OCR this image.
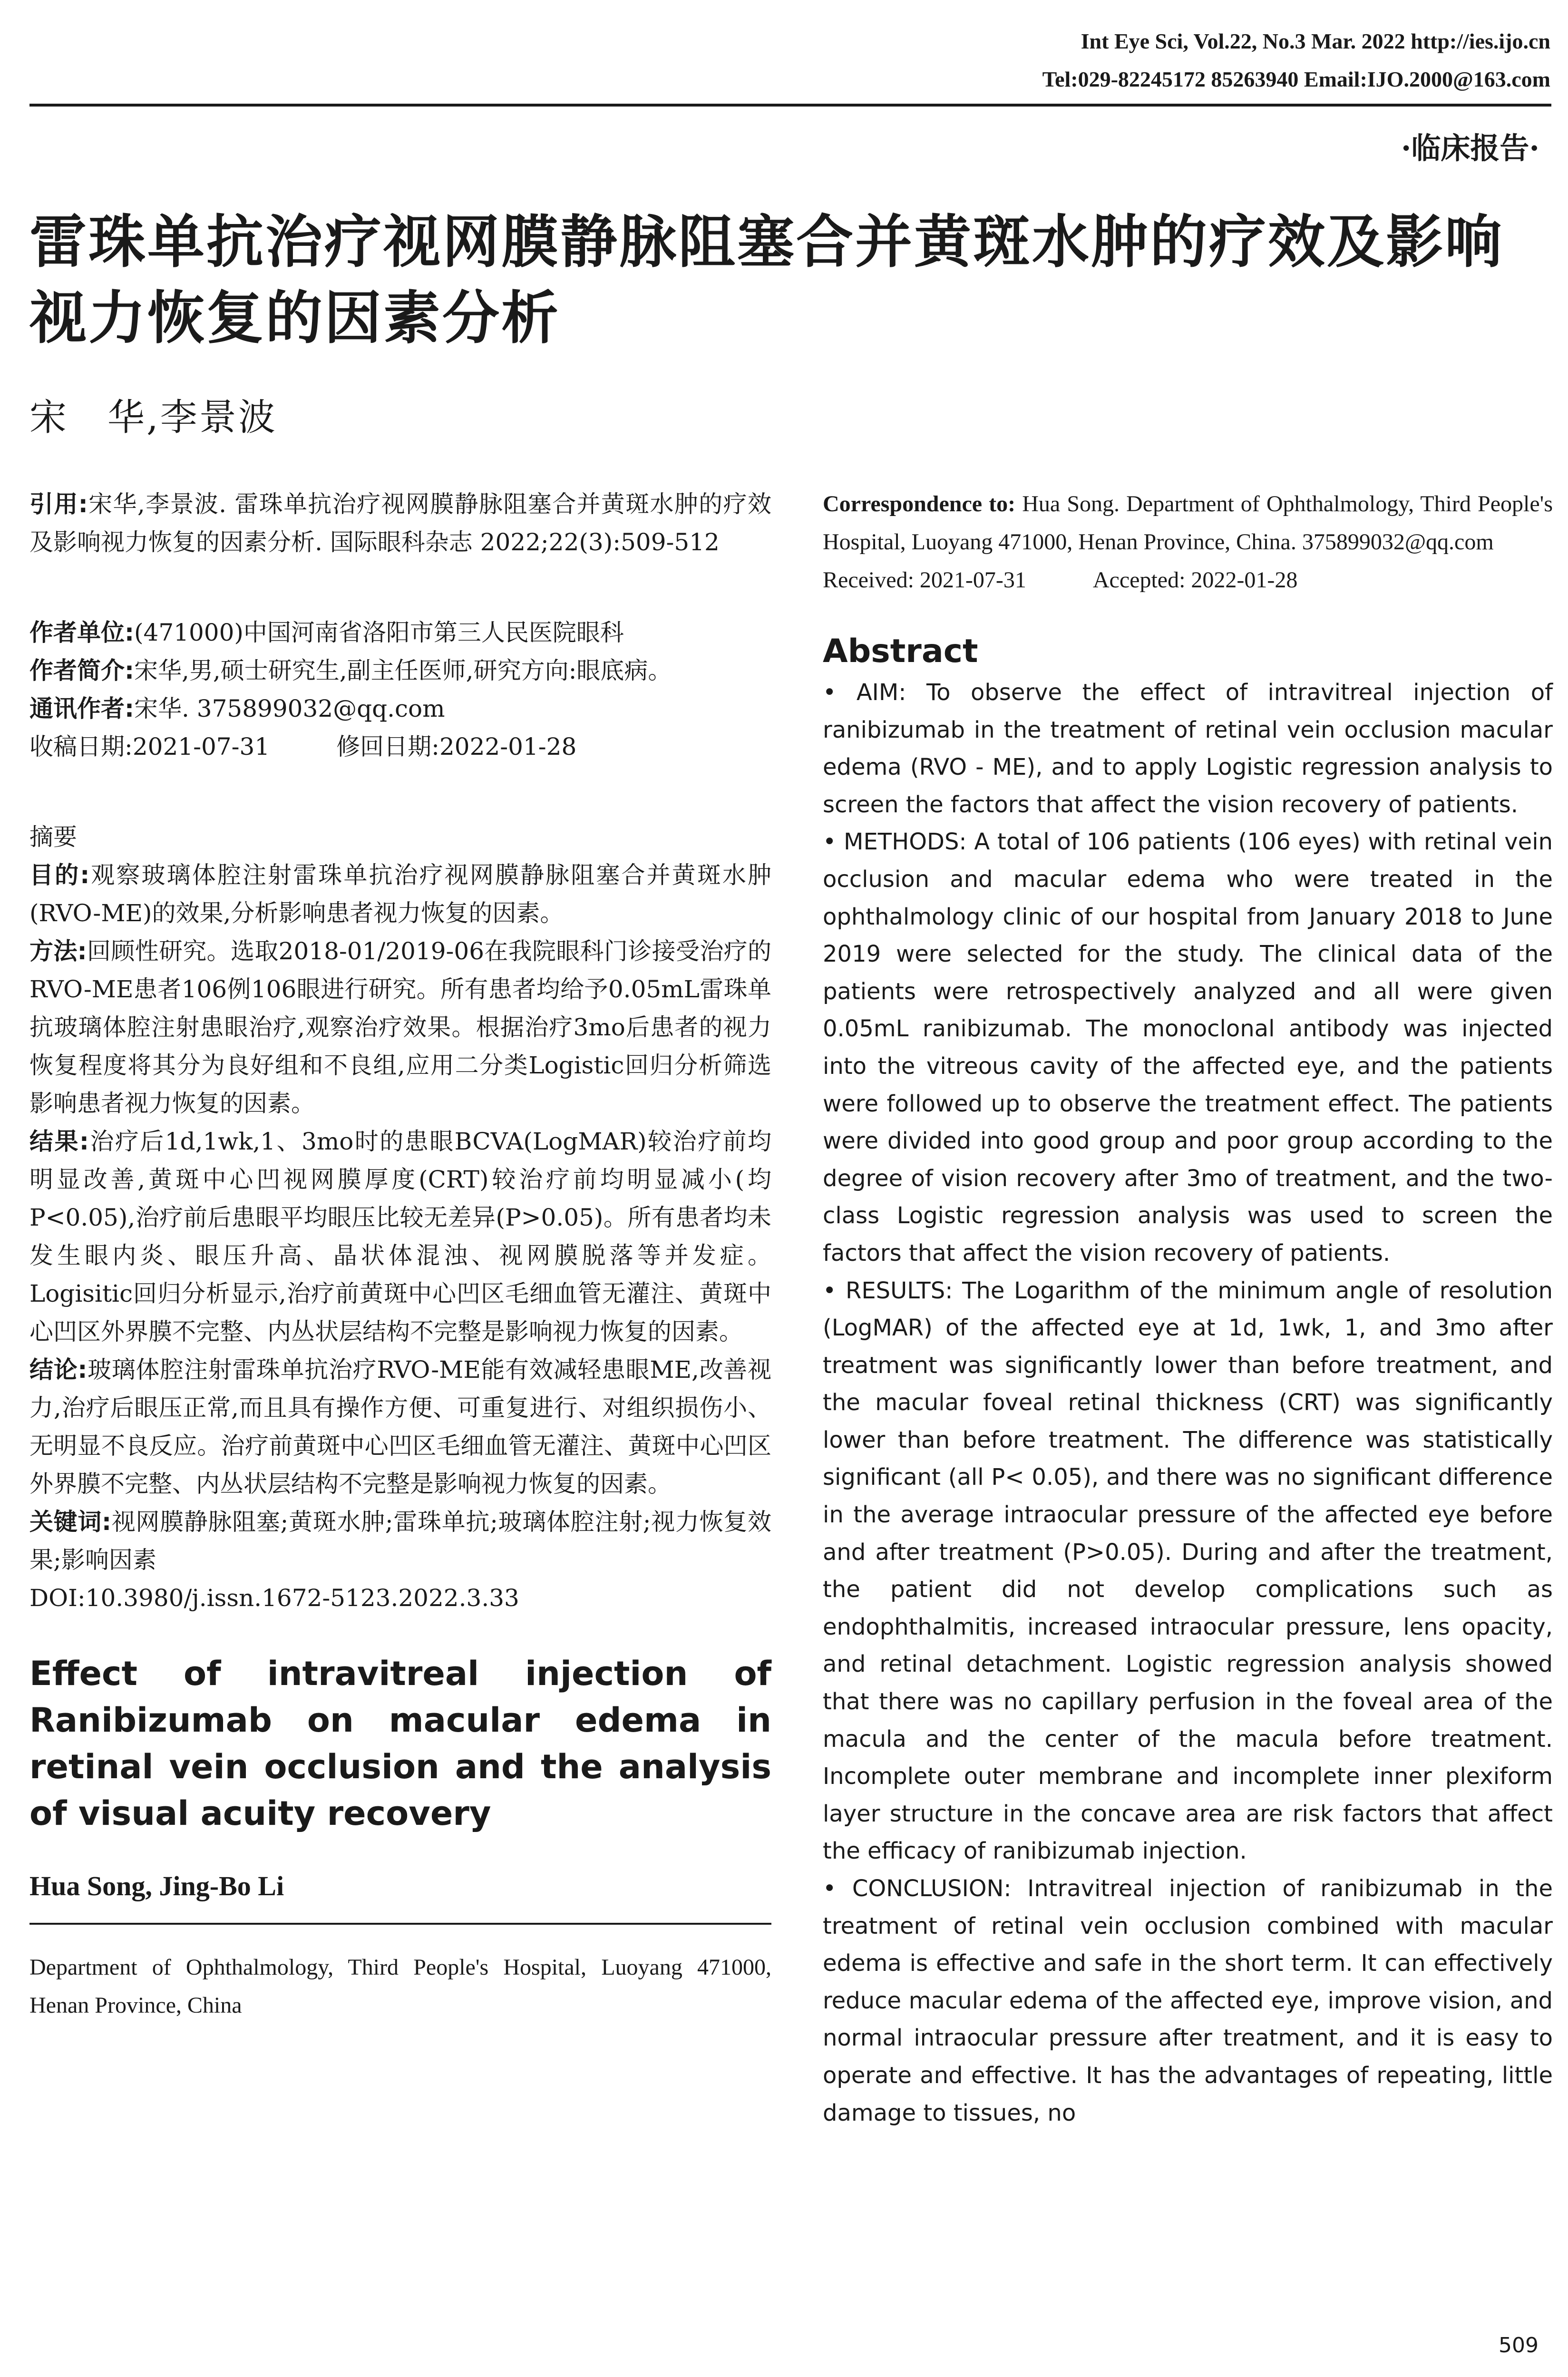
Int Eye Sci, Vol.22, No.3 Mar. 2022 http://ies.ijo.cn
Tel:029-82245172 85263940 Email:IJO.2000@163.com
·临床报告·
雷珠单抗治疗视网膜静脉阻塞合并黄斑水肿的疗效及影响视力恢复的因素分析
宋　华,李景波

引用:宋华,李景波. 雷珠单抗治疗视网膜静脉阻塞合并黄斑水肿的疗效及影响视力恢复的因素分析. 国际眼科杂志 2022;22(3):509-512

作者单位:(471000)中国河南省洛阳市第三人民医院眼科

作者简介:宋华,男,硕士研究生,副主任医师,研究方向:眼底病。

通讯作者:宋华. 375899032@qq.com

收稿日期:2021-07-31	修回日期:2022-01-28

摘要

目的:观察玻璃体腔注射雷珠单抗治疗视网膜静脉阻塞合并黄斑水肿(RVO-ME)的效果,分析影响患者视力恢复的因素。

方法:回顾性研究。选取2018-01/2019-06在我院眼科门诊接受治疗的RVO-ME患者106例106眼进行研究。所有患者均给予0.05mL雷珠单抗玻璃体腔注射患眼治疗,观察治疗效果。根据治疗3mo后患者的视力恢复程度将其分为良好组和不良组,应用二分类Logistic回归分析筛选影响患者视力恢复的因素。

结果:治疗后1d,1wk,1、3mo时的患眼BCVA(LogMAR)较治疗前均明显改善,黄斑中心凹视网膜厚度(CRT)较治疗前均明显减小(均P<0.05),治疗前后患眼平均眼压比较无差异(P>0.05)。所有患者均未发生眼内炎、眼压升高、晶状体混浊、视网膜脱落等并发症。Logisitic回归分析显示,治疗前黄斑中心凹区毛细血管无灌注、黄斑中心凹区外界膜不完整、内丛状层结构不完整是影响视力恢复的因素。

结论:玻璃体腔注射雷珠单抗治疗RVO-ME能有效减轻患眼ME,改善视力,治疗后眼压正常,而且具有操作方便、可重复进行、对组织损伤小、无明显不良反应。治疗前黄斑中心凹区毛细血管无灌注、黄斑中心凹区外界膜不完整、内丛状层结构不完整是影响视力恢复的因素。

关键词:视网膜静脉阻塞;黄斑水肿;雷珠单抗;玻璃体腔注射;视力恢复效果;影响因素

DOI:10.3980/j.issn.1672-5123.2022.3.33

Effect of intravitreal injection of Ranibizumab on macular edema in retinal vein occlusion and the analysis of visual acuity recovery

Hua Song, Jing-Bo Li

Department of Ophthalmology, Third People's Hospital, Luoyang 471000, Henan Province, China

Correspondence to: Hua Song. Department of Ophthalmology, Third People's Hospital, Luoyang 471000, Henan Province, China. 375899032@qq.com

Received: 2021-07-31	Accepted: 2022-01-28

Abstract

• AIM: To observe the effect of intravitreal injection of ranibizumab in the treatment of retinal vein occlusion macular edema (RVO - ME), and to apply Logistic regression analysis to screen the factors that affect the vision recovery of patients.

• METHODS: A total of 106 patients (106 eyes) with retinal vein occlusion and macular edema who were treated in the ophthalmology clinic of our hospital from January 2018 to June 2019 were selected for the study. The clinical data of the patients were retrospectively analyzed and all were given 0.05mL ranibizumab. The monoclonal antibody was injected into the vitreous cavity of the affected eye, and the patients were followed up to observe the treatment effect. The patients were divided into good group and poor group according to the degree of vision recovery after 3mo of treatment, and the two-class Logistic regression analysis was used to screen the factors that affect the vision recovery of patients.

• RESULTS: The Logarithm of the minimum angle of resolution (LogMAR) of the affected eye at 1d, 1wk, 1, and 3mo after treatment was significantly lower than before treatment, and the macular foveal retinal thickness (CRT) was significantly lower than before treatment. The difference was statistically significant (all P< 0.05), and there was no significant difference in the average intraocular pressure of the affected eye before and after treatment (P>0.05). During and after the treatment, the patient did not develop complications such as endophthalmitis, increased intraocular pressure, lens opacity, and retinal detachment. Logistic regression analysis showed that there was no capillary perfusion in the foveal area of the macula and the center of the macula before treatment. Incomplete outer membrane and incomplete inner plexiform layer structure in the concave area are risk factors that affect the efficacy of ranibizumab injection.

• CONCLUSION: Intravitreal injection of ranibizumab in the treatment of retinal vein occlusion combined with macular edema is effective and safe in the short term. It can effectively reduce macular edema of the affected eye, improve vision, and normal intraocular pressure after treatment, and it is easy to operate and effective. It has the advantages of repeating, little damage to tissues, no

509
